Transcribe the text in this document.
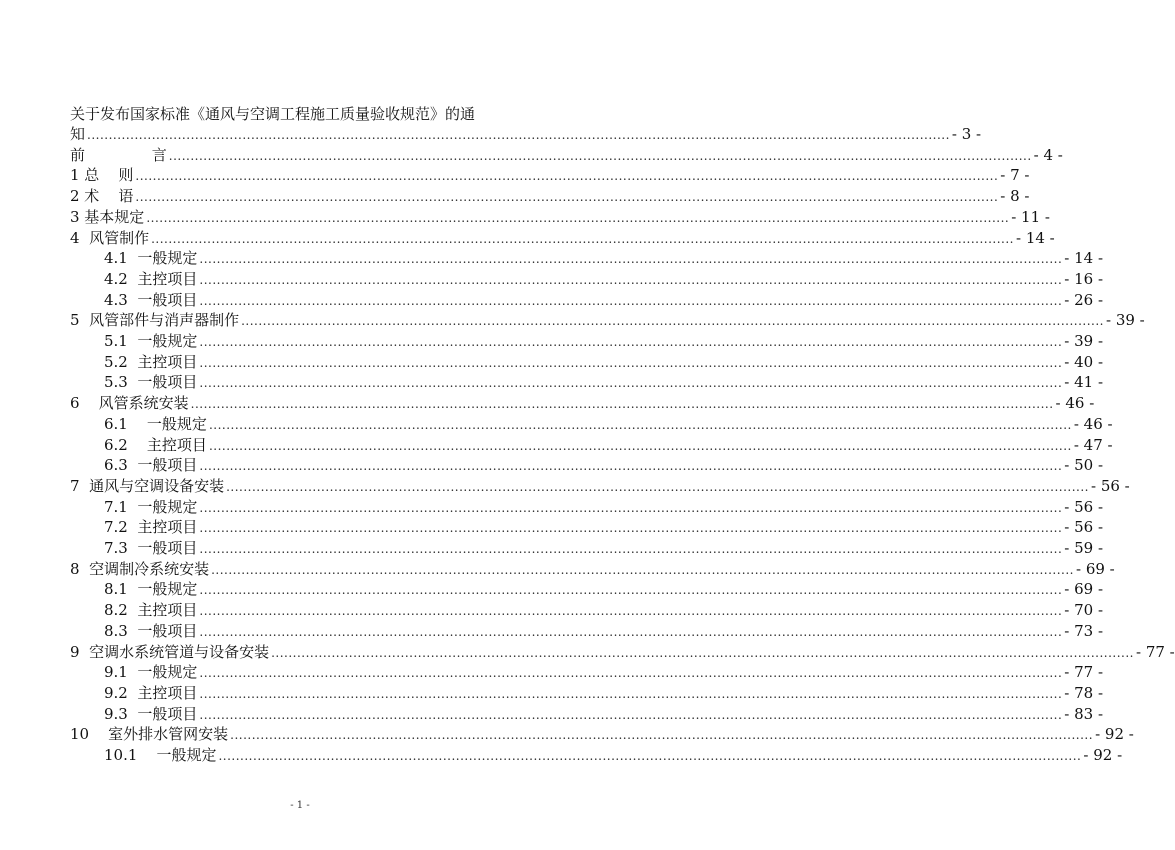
关于发布国家标准《通风与空调工程施工质量验收规范》的通
知 ........................................................................................................................................................................................................ - 3 -
前              言 ........................................................................................................................................................................................................ - 4 -
1 总    则 ........................................................................................................................................................................................................ - 7 -
2 术    语 ........................................................................................................................................................................................................ - 8 -
3 基本规定 ........................................................................................................................................................................................................ - 11 -
4  风管制作 ........................................................................................................................................................................................................ - 14 -
4.1  一般规定 ........................................................................................................................................................................................................ - 14 -
4.2  主控项目 ........................................................................................................................................................................................................ - 16 -
4.3  一般项目 ........................................................................................................................................................................................................ - 26 -
5  风管部件与消声器制作 ........................................................................................................................................................................................................ - 39 -
5.1  一般规定 ........................................................................................................................................................................................................ - 39 -
5.2  主控项目 ........................................................................................................................................................................................................ - 40 -
5.3  一般项目 ........................................................................................................................................................................................................ - 41 -
6    风管系统安装 ........................................................................................................................................................................................................ - 46 -
6.1    一般规定 ........................................................................................................................................................................................................ - 46 -
6.2    主控项目 ........................................................................................................................................................................................................ - 47 -
6.3  一般项目 ........................................................................................................................................................................................................ - 50 -
7  通风与空调设备安装 ........................................................................................................................................................................................................ - 56 -
7.1  一般规定 ........................................................................................................................................................................................................ - 56 -
7.2  主控项目 ........................................................................................................................................................................................................ - 56 -
7.3  一般项目 ........................................................................................................................................................................................................ - 59 -
8  空调制冷系统安装 ........................................................................................................................................................................................................ - 69 -
8.1  一般规定 ........................................................................................................................................................................................................ - 69 -
8.2  主控项目 ........................................................................................................................................................................................................ - 70 -
8.3  一般项目 ........................................................................................................................................................................................................ - 73 -
9  空调水系统管道与设备安装 ........................................................................................................................................................................................................ - 77 -
9.1  一般规定 ........................................................................................................................................................................................................ - 77 -
9.2  主控项目 ........................................................................................................................................................................................................ - 78 -
9.3  一般项目 ........................................................................................................................................................................................................ - 83 -
10    室外排水管网安装 ........................................................................................................................................................................................................ - 92 -
10.1    一般规定 ........................................................................................................................................................................................................ - 92 -
- 1 -
